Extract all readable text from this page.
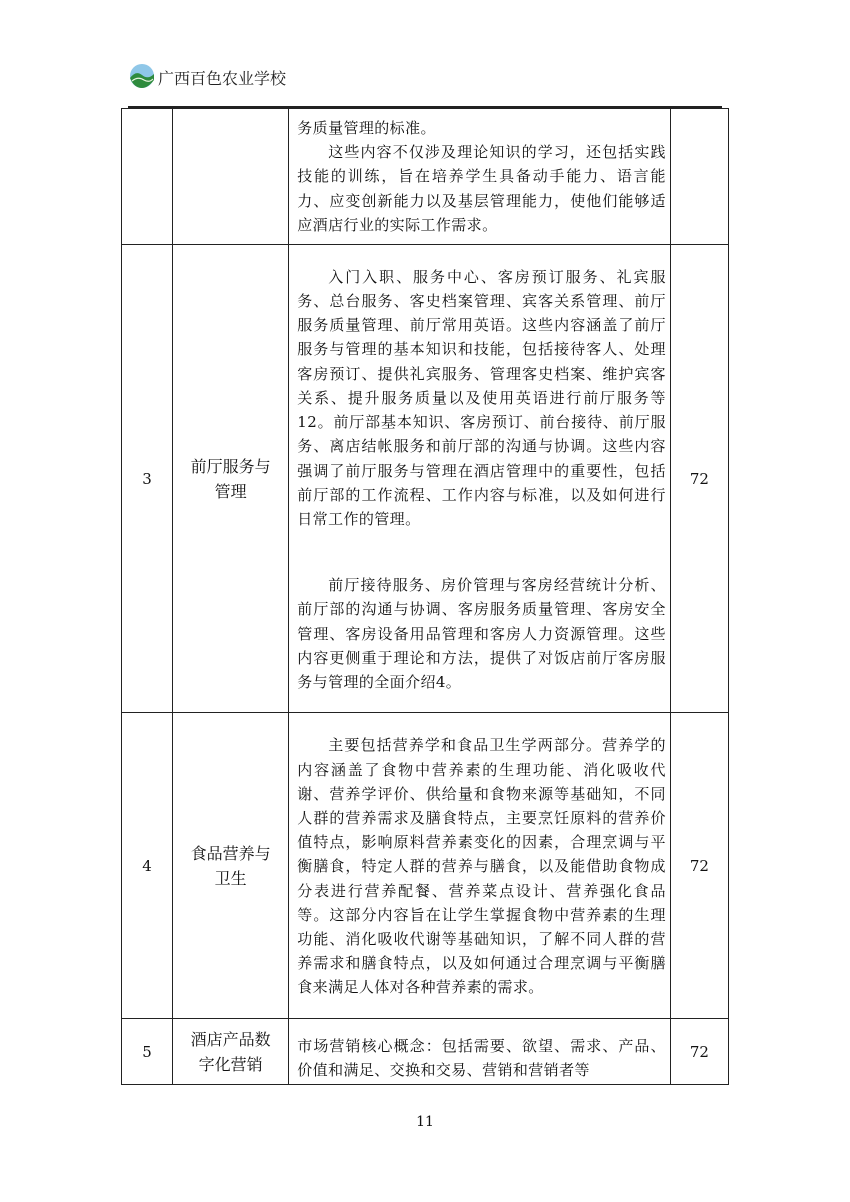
广西百色农业学校

		务质量管理的标准。

这些内容不仅涉及理论知识的学习，还包括实践技能的训练，旨在培养学生具备动手能力、语言能力、应变创新能力以及基层管理能力，使他们能够适应酒店行业的实际工作需求。	

3	前厅服务与管理	入门入职、服务中心、客房预订服务、礼宾服务、总台服务、客史档案管理、宾客关系管理、前厅服务质量管理、前厅常用英语。这些内容涵盖了前厅服务与管理的基本知识和技能，包括接待客人、处理客房预订、提供礼宾服务、管理客史档案、维护宾客关系、提升服务质量以及使用英语进行前厅服务等12。前厅部基本知识、客房预订、前台接待、前厅服务、离店结帐服务和前厅部的沟通与协调。这些内容强调了前厅服务与管理在酒店管理中的重要性，包括前厅部的工作流程、工作内容与标准，以及如何进行日常工作的管理。

前厅接待服务、房价管理与客房经营统计分析、前厅部的沟通与协调、客房服务质量管理、客房安全管理、客房设备用品管理和客房人力资源管理。这些内容更侧重于理论和方法，提供了对饭店前厅客房服务与管理的全面介绍4。	72
4	食品营养与卫生	主要包括营养学和食品卫生学两部分。营养学的内容涵盖了食物中营养素的生理功能、消化吸收代谢、营养学评价、供给量和食物来源等基础知，不同人群的营养需求及膳食特点，主要烹饪原料的营养价值特点，影响原料营养素变化的因素，合理烹调与平衡膳食，特定人群的营养与膳食，以及能借助食物成分表进行营养配餐、营养菜点设计、营养强化食品等。这部分内容旨在让学生掌握食物中营养素的生理功能、消化吸收代谢等基础知识，了解不同人群的营养需求和膳食特点，以及如何通过合理烹调与平衡膳食来满足人体对各种营养素的需求。	72
5	酒店产品数字化营销	市场营销核心概念：包括需要、欲望、需求、产品、价值和满足、交换和交易、营销和营销者等	72
11
